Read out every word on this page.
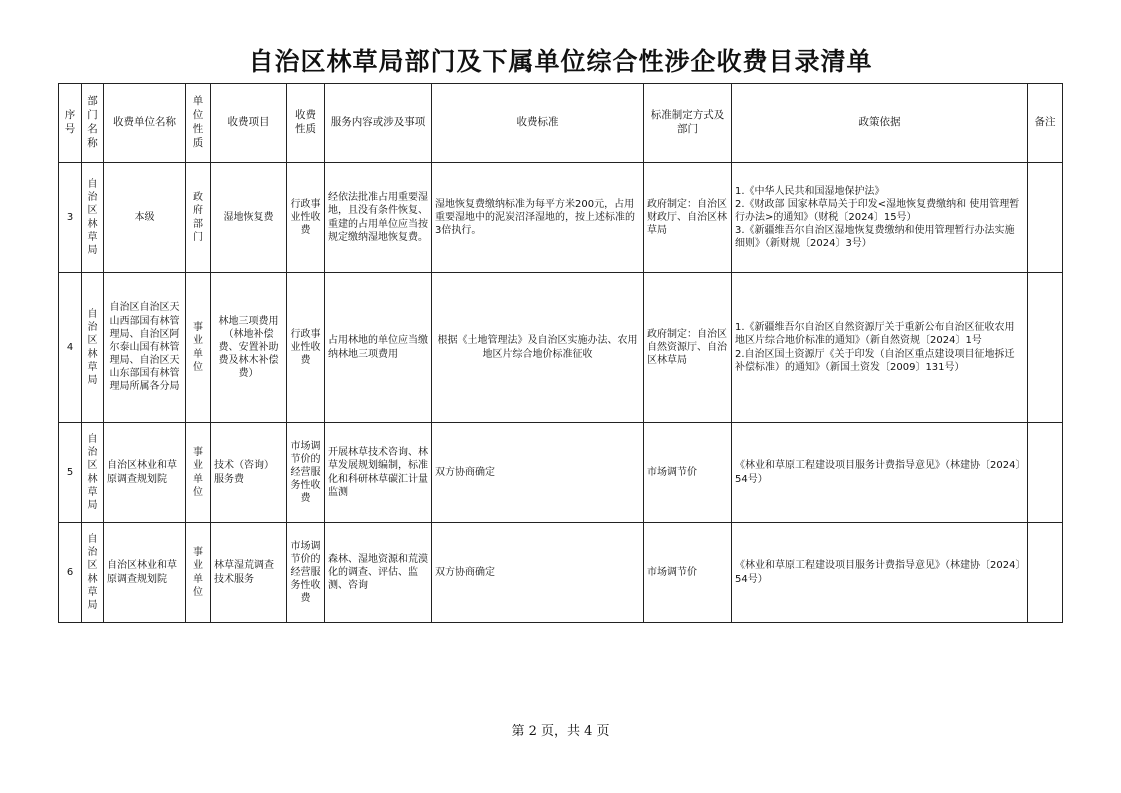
自治区林草局部门及下属单位综合性涉企收费目录清单
序号	部门名称	收费单位名称	单位性质	收费项目	收费性质	服务内容或涉及事项	收费标准	标准制定方式及部门	政策依据	备注
3	自治区林草局	本级	政府部门	湿地恢复费	行政事业性收费	经依法批准占用重要湿地，且没有条件恢复、重建的占用单位应当按规定缴纳湿地恢复费。	湿地恢复费缴纳标准为每平方米200元，占用重要湿地中的泥炭沼泽湿地的，按上述标准的3倍执行。	政府制定：自治区财政厅、自治区林草局	1.《中华人民共和国湿地保护法》
2.《财政部 国家林草局关于印发<湿地恢复费缴纳和 使用管理暂行办法>的通知》（财税〔2024〕15号）
3.《新疆维吾尔自治区湿地恢复费缴纳和使用管理暂行办法实施细则》（新财规〔2024〕3号）	

4	自治区林草局	自治区自治区天山西部国有林管理局、自治区阿尔泰山国有林管理局、自治区天山东部国有林管理局所属各分局	事业单位	林地三项费用（林地补偿费、安置补助费及林木补偿费）	行政事业性收费	占用林地的单位应当缴纳林地三项费用	根据《土地管理法》及自治区实施办法、农用地区片综合地价标准征收	政府制定：自治区自然资源厅、自治区林草局	1.《新疆维吾尔自治区自然资源厅关于重新公布自治区征收农用地区片综合地价标准的通知》（新自然资规〔2024〕1号
2.自治区国土资源厅《关于印发（自治区重点建设项目征地拆迁补偿标准）的通知》（新国土资发〔2009〕131号）	

5	自治区林草局	自治区林业和草原调查规划院	事业单位	技术（咨询）服务费	市场调节价的经营服务性收费	开展林草技术咨询、林草发展规划编制，标准化和科研林草碳汇计量监测	双方协商确定	市场调节价	《林业和草原工程建设项目服务计费指导意见》（林建协〔2024〕54号）	

6	自治区林草局	自治区林业和草原调查规划院	事业单位	林草湿荒调查技术服务	市场调节价的经营服务性收费	森林、湿地资源和荒漠化的调查、评估、监测、咨询	双方协商确定	市场调节价	《林业和草原工程建设项目服务计费指导意见》（林建协〔2024〕54号）	

第 2 页，共 4 页
